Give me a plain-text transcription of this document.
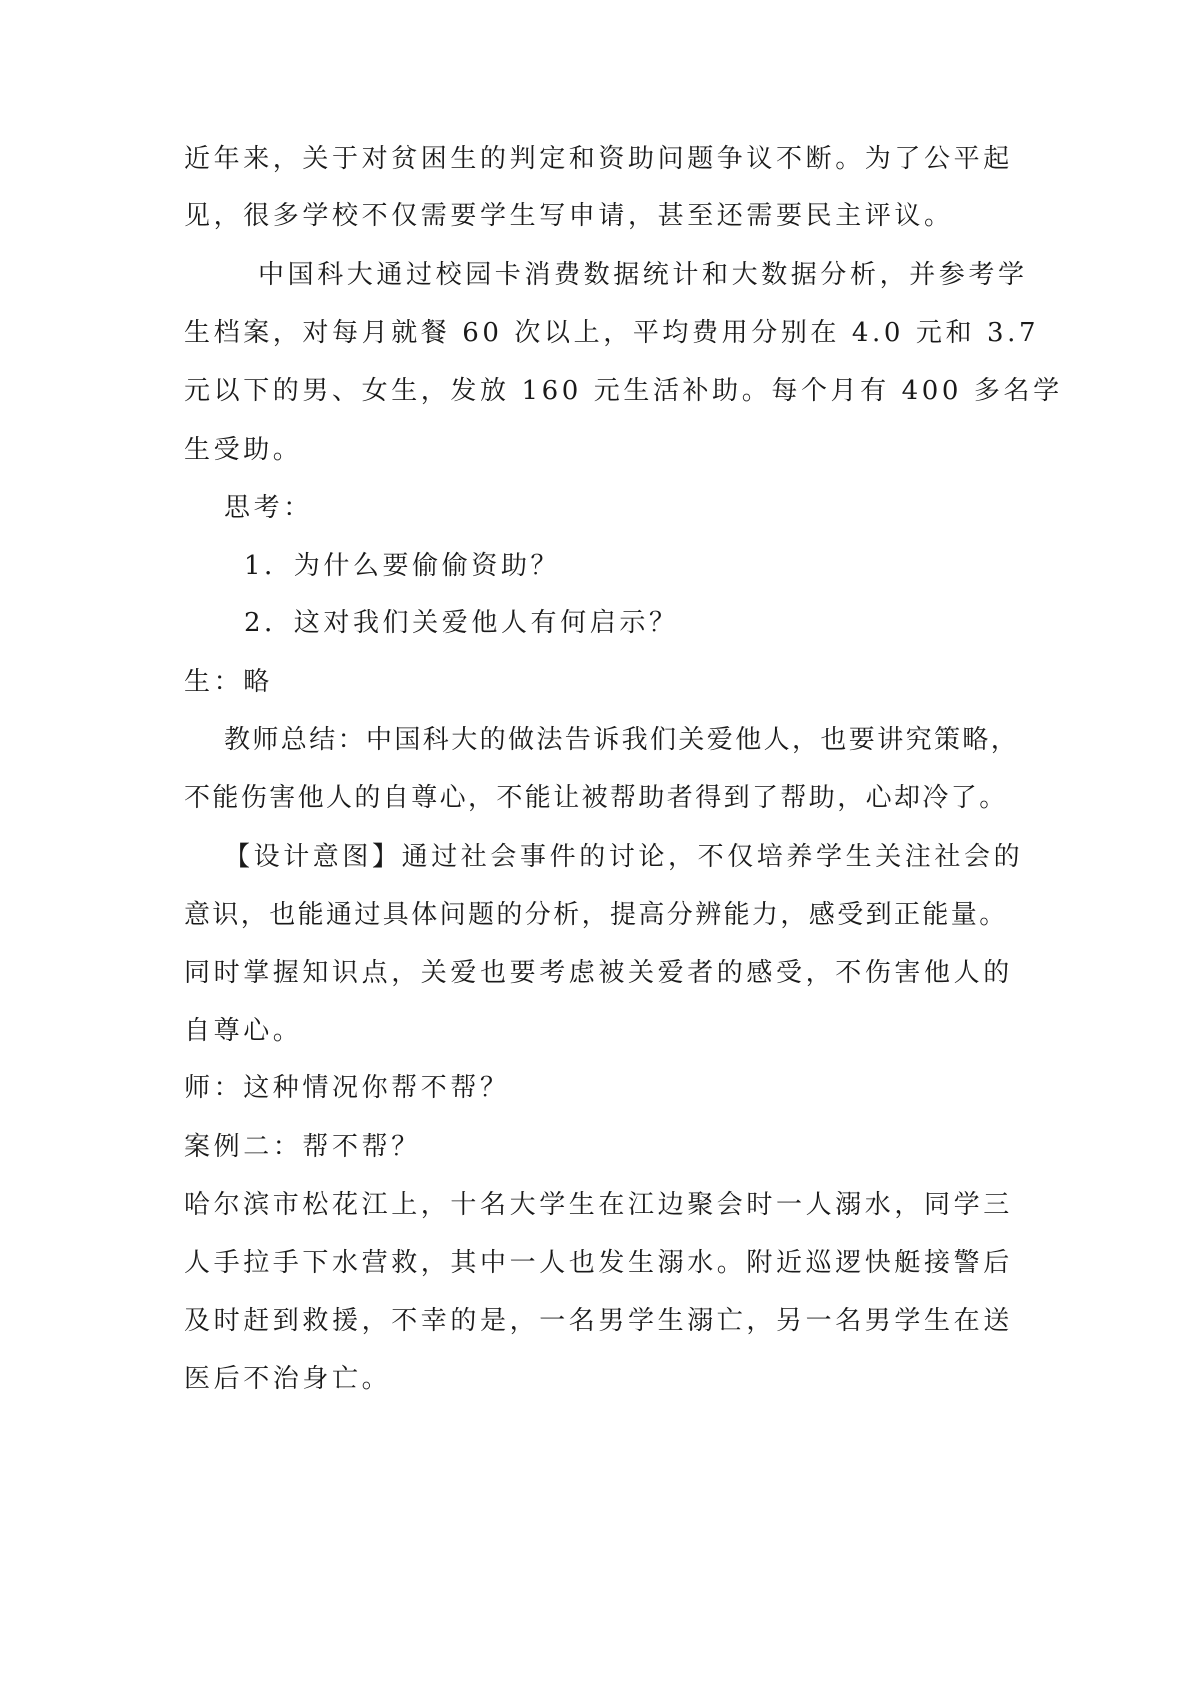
近年来，关于对贫困生的判定和资助问题争议不断。为了公平起
见，很多学校不仅需要学生写申请，甚至还需要民主评议。
中国科大通过校园卡消费数据统计和大数据分析，并参考学
生档案，对每月就餐 60 次以上，平均费用分别在 4.0 元和 3.7
元以下的男、女生，发放 160 元生活补助。每个月有 400 多名学
生受助。
思考：
1．为什么要偷偷资助？
2．这对我们关爱他人有何启示？
生：略
教师总结：中国科大的做法告诉我们关爱他人，也要讲究策略，
不能伤害他人的自尊心，不能让被帮助者得到了帮助，心却冷了。
【设计意图】通过社会事件的讨论，不仅培养学生关注社会的
意识，也能通过具体问题的分析，提高分辨能力，感受到正能量。
同时掌握知识点，关爱也要考虑被关爱者的感受，不伤害他人的
自尊心。
师：这种情况你帮不帮？
案例二：帮不帮？
哈尔滨市松花江上，十名大学生在江边聚会时一人溺水，同学三
人手拉手下水营救，其中一人也发生溺水。附近巡逻快艇接警后
及时赶到救援，不幸的是，一名男学生溺亡，另一名男学生在送
医后不治身亡。
